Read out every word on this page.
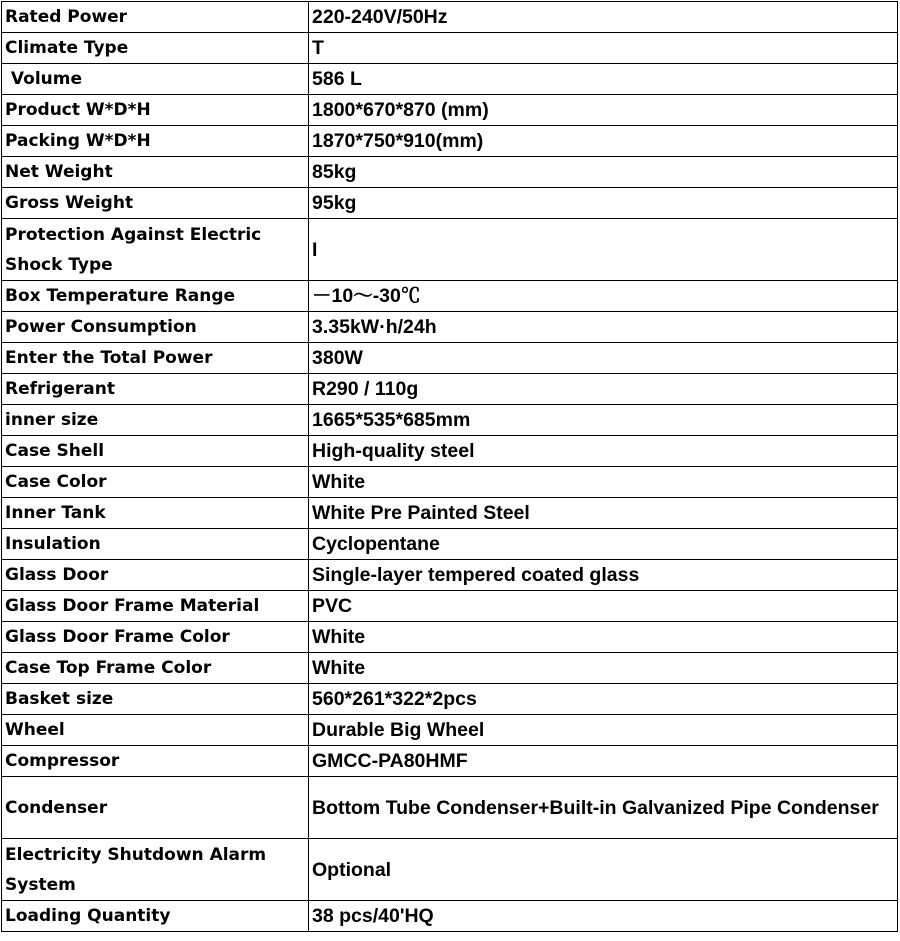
Rated Power	220-240V/50Hz
Climate Type	T
Volume	586 L
Product W*D*H	1800*670*870 (mm)
Packing W*D*H	1870*750*910(mm)
Net Weight	85kg
Gross Weight	95kg
Protection Against Electric Shock Type	I
Box Temperature Range	－10～-30℃
Power Consumption	3.35kW·h/24h
Enter the Total Power	380W
Refrigerant	R290 / 110g
inner size	1665*535*685mm
Case Shell	High-quality steel
Case Color	White
Inner Tank	White Pre Painted Steel
Insulation	Cyclopentane
Glass Door	Single-layer tempered coated glass
Glass Door Frame Material	PVC
Glass Door Frame Color	White
Case Top Frame Color	White
Basket size	560*261*322*2pcs
Wheel	Durable Big Wheel
Compressor	GMCC-PA80HMF
Condenser	Bottom Tube Condenser+Built-in Galvanized Pipe Condenser
Electricity Shutdown Alarm System	Optional
Loading Quantity	38 pcs/40'HQ
